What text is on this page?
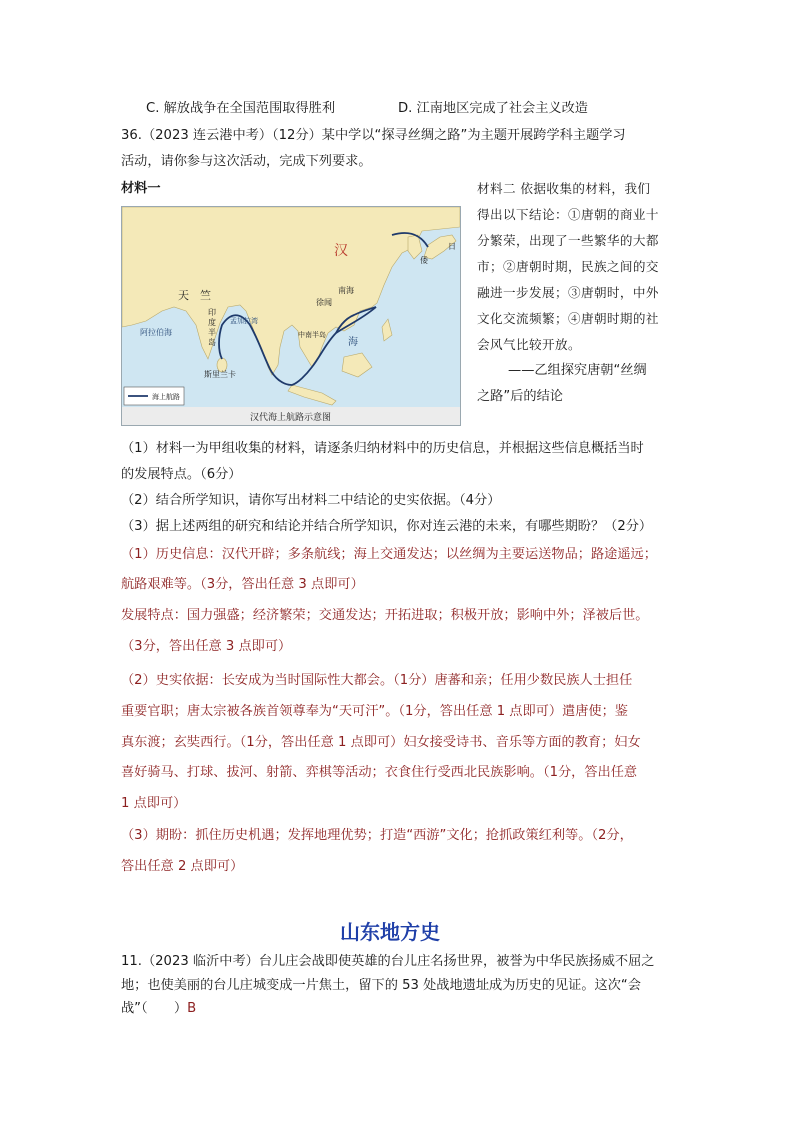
C. 解放战争在全国范围取得胜利	D. 江南地区完成了社会主义改造
36.（2023 连云港中考）（12分）某中学以“探寻丝绸之路”为主题开展跨学科主题学习
活动，请你参与这次活动，完成下列要求。
材料一
汉
天　竺
印
度
半
岛
阿拉伯海
斯里兰卡
孟加拉湾
南海
徐闻
中南半岛
海
倭
日
海上航路
汉代海上航路示意图
材料二 依据收集的材料，我们
得出以下结论：①唐朝的商业十
分繁荣，出现了一些繁华的大都
市；②唐朝时期，民族之间的交
融进一步发展；③唐朝时，中外
文化交流频繁；④唐朝时期的社
会风气比较开放。
——乙组探究唐朝“丝绸
之路”后的结论
（1）材料一为甲组收集的材料，请逐条归纳材料中的历史信息，并根据这些信息概括当时
的发展特点。（6分）
（2）结合所学知识，请你写出材料二中结论的史实依据。（4分）
（3）据上述两组的研究和结论并结合所学知识，你对连云港的未来，有哪些期盼？（2分）
（1）历史信息：汉代开辟；多条航线；海上交通发达；以丝绸为主要运送物品；路途遥远；
航路艰难等。（3分，答出任意 3 点即可）
发展特点：国力强盛；经济繁荣；交通发达；开拓进取；积极开放；影响中外；泽被后世。
（3分，答出任意 3 点即可）
（2）史实依据：长安成为当时国际性大都会。（1分）唐蕃和亲；任用少数民族人士担任
重要官职；唐太宗被各族首领尊奉为“天可汗”。（1分，答出任意 1 点即可）遣唐使；鉴
真东渡；玄奘西行。（1分，答出任意 1 点即可）妇女接受诗书、音乐等方面的教育；妇女
喜好骑马、打球、拔河、射箭、弈棋等活动；衣食住行受西北民族影响。（1分，答出任意
1 点即可）
（3）期盼：抓住历史机遇；发挥地理优势；打造“西游”文化；抢抓政策红利等。（2分，
答出任意 2 点即可）
山东地方史
11.（2023 临沂中考）台儿庄会战即使英雄的台儿庄名扬世界，被誉为中华民族扬威不屈之
地；也使美丽的台儿庄城变成一片焦土，留下的 53 处战地遗址成为历史的见证。这次“会
战”（　　）B
